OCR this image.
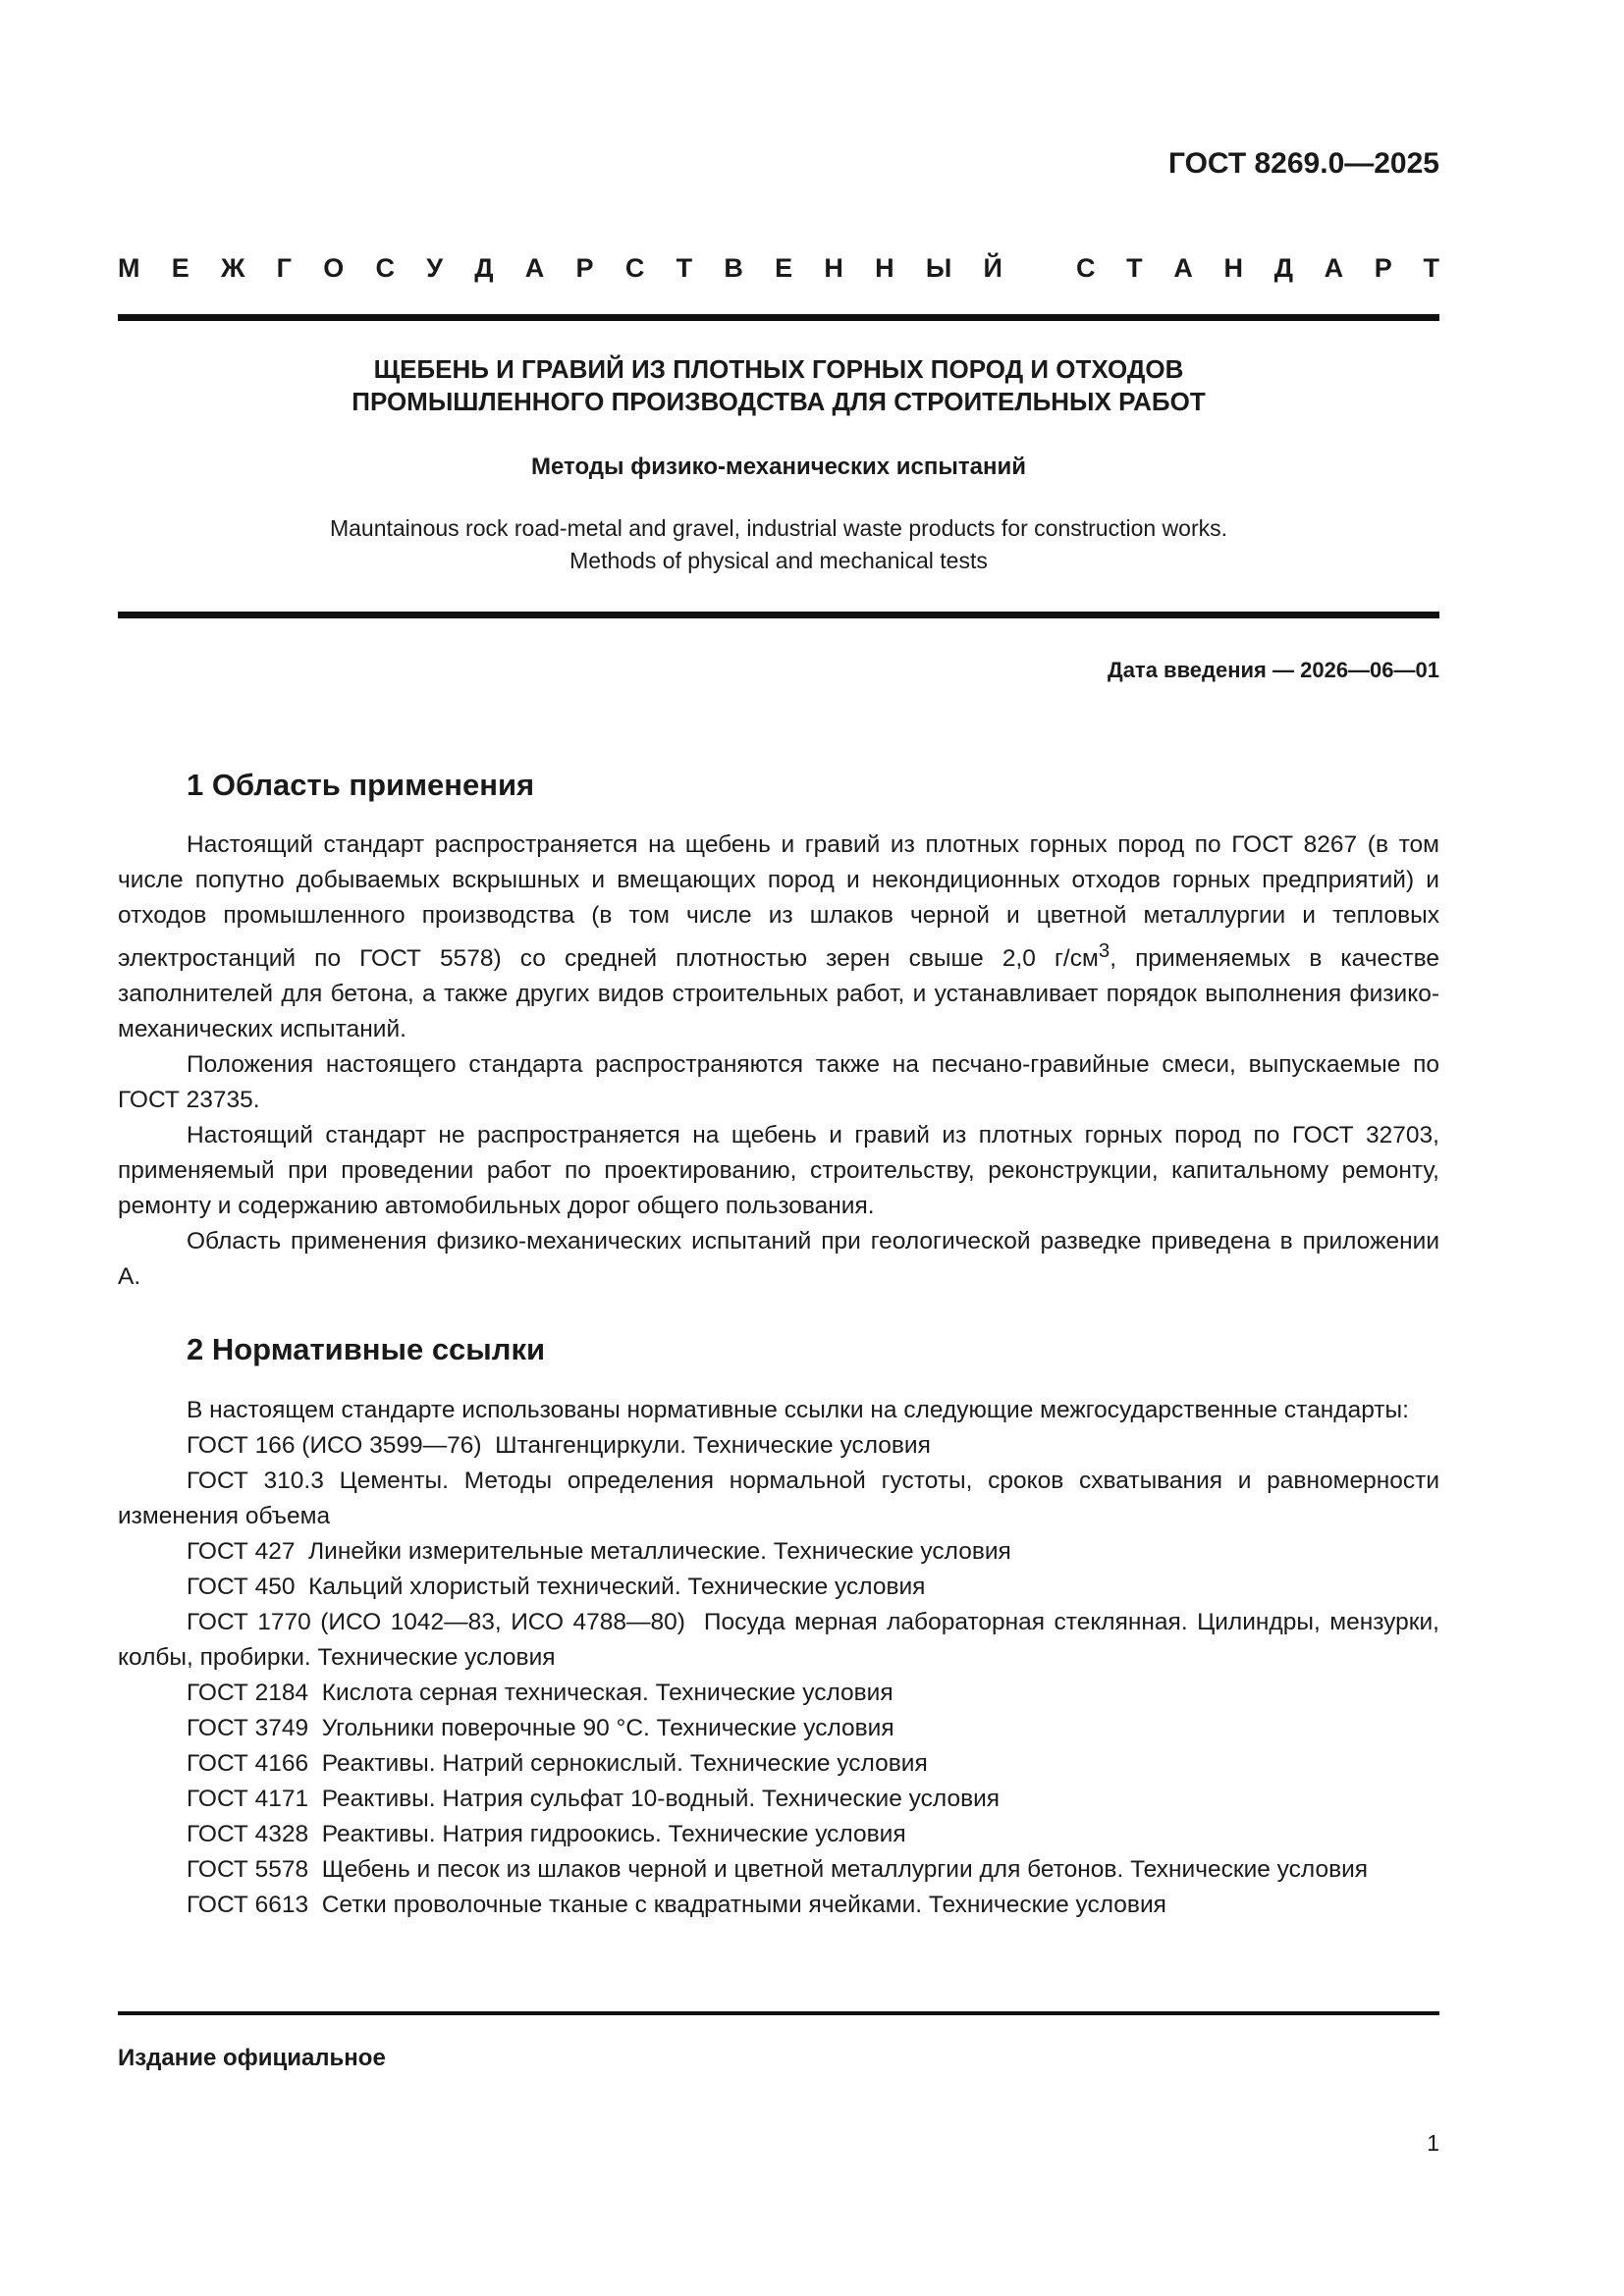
ГОСТ 8269.0—2025
М Е Ж Г О С У Д А Р С Т В Е Н Н Ы Й	С Т А Н Д А Р Т
ЩЕБЕНЬ И ГРАВИЙ ИЗ ПЛОТНЫХ ГОРНЫХ ПОРОД И ОТХОДОВ
ПРОМЫШЛЕННОГО ПРОИЗВОДСТВА ДЛЯ СТРОИТЕЛЬНЫХ РАБОТ
Методы физико-механических испытаний
Mauntainous rock road-metal and gravel, industrial waste products for construction works.
Methods of physical and mechanical tests
Дата введения — 2026—06—01
1 Область применения

Настоящий стандарт распространяется на щебень и гравий из плотных горных пород по ГОСТ 8267 (в том числе попутно добываемых вскрышных и вмещающих пород и некондиционных отходов горных предприятий) и отходов промышленного производства (в том числе из шлаков черной и цветной металлургии и тепловых электростанций по ГОСТ 5578) со средней плотностью зерен свыше 2,0 $г/см^3$, применяемых в качестве заполнителей для бетона, а также других видов строительных работ, и устанавливает порядок выполнения физико-механических испытаний.

Положения настоящего стандарта распространяются также на песчано-гравийные смеси, выпускаемые по ГОСТ 23735.

Настоящий стандарт не распространяется на щебень и гравий из плотных горных пород по ГОСТ 32703, применяемый при проведении работ по проектированию, строительству, реконструкции, капитальному ремонту, ремонту и содержанию автомобильных дорог общего пользования.

Область применения физико-механических испытаний при геологической разведке приведена в приложении А.

2 Нормативные ссылки

В настоящем стандарте использованы нормативные ссылки на следующие межгосударственные стандарты:

ГОСТ 166 (ИСО 3599—76)  Штангенциркули. Технические условия

ГОСТ 310.3 Цементы. Методы определения нормальной густоты, сроков схватывания и равномерности изменения объема

ГОСТ 427  Линейки измерительные металлические. Технические условия

ГОСТ 450  Кальций хлористый технический. Технические условия

ГОСТ 1770 (ИСО 1042—83, ИСО 4788—80)  Посуда мерная лабораторная стеклянная. Цилиндры, мензурки, колбы, пробирки. Технические условия

ГОСТ 2184  Кислота серная техническая. Технические условия

ГОСТ 3749  Угольники поверочные 90 °С. Технические условия

ГОСТ 4166  Реактивы. Натрий сернокислый. Технические условия

ГОСТ 4171  Реактивы. Натрия сульфат 10-водный. Технические условия

ГОСТ 4328  Реактивы. Натрия гидроокись. Технические условия

ГОСТ 5578  Щебень и песок из шлаков черной и цветной металлургии для бетонов. Технические условия

ГОСТ 6613  Сетки проволочные тканые с квадратными ячейками. Технические условия

Издание официальное
1
